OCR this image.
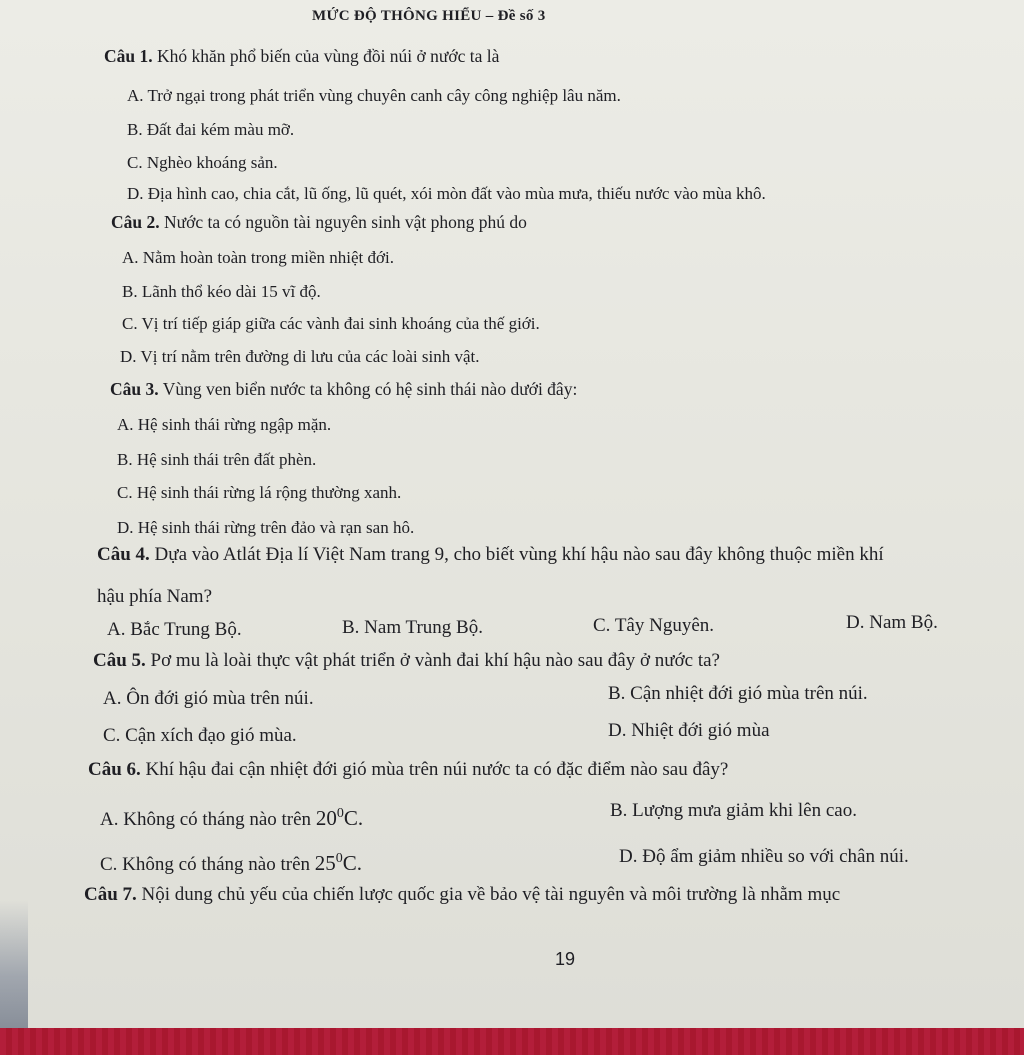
MỨC ĐỘ THÔNG HIỂU – Đề số 3
Câu 1. Khó khăn phổ biến của vùng đồi núi ở nước ta là
A. Trở ngại trong phát triển vùng chuyên canh cây công nghiệp lâu năm.
B. Đất đai kém màu mỡ.
C. Nghèo khoáng sản.
D. Địa hình cao, chia cắt, lũ ống, lũ quét, xói mòn đất vào mùa mưa, thiếu nước vào mùa khô.
Câu 2. Nước ta có nguồn tài nguyên sinh vật phong phú do
A. Nằm hoàn toàn trong miền nhiệt đới.
B. Lãnh thổ kéo dài 15 vĩ độ.
C. Vị trí tiếp giáp giữa các vành đai sinh khoáng của thế giới.
D. Vị trí nằm trên đường di lưu của các loài sinh vật.
Câu 3. Vùng ven biển nước ta không có hệ sinh thái nào dưới đây:
A. Hệ sinh thái rừng ngập mặn.
B. Hệ sinh thái trên đất phèn.
C. Hệ sinh thái rừng lá rộng thường xanh.
D. Hệ sinh thái rừng trên đảo và rạn san hô.
Câu 4. Dựa vào Atlát Địa lí Việt Nam trang 9, cho biết vùng khí hậu nào sau đây không thuộc miền khí
hậu phía Nam?
A. Bắc Trung Bộ.	B. Nam Trung Bộ.	C. Tây Nguyên.	D. Nam Bộ.
Câu 5. Pơ mu là loài thực vật phát triển ở vành đai khí hậu nào sau đây ở nước ta?
A. Ôn đới gió mùa trên núi.	B. Cận nhiệt đới gió mùa trên núi.
C. Cận xích đạo gió mùa.	D. Nhiệt đới gió mùa
Câu 6. Khí hậu đai cận nhiệt đới gió mùa trên núi nước ta có đặc điểm nào sau đây?
A. Không có tháng nào trên $20^0C$.	B. Lượng mưa giảm khi lên cao.
C. Không có tháng nào trên $25^0C$.	D. Độ ẩm giảm nhiều so với chân núi.
Câu 7. Nội dung chủ yếu của chiến lược quốc gia về bảo vệ tài nguyên và môi trường là nhằm mục
19
